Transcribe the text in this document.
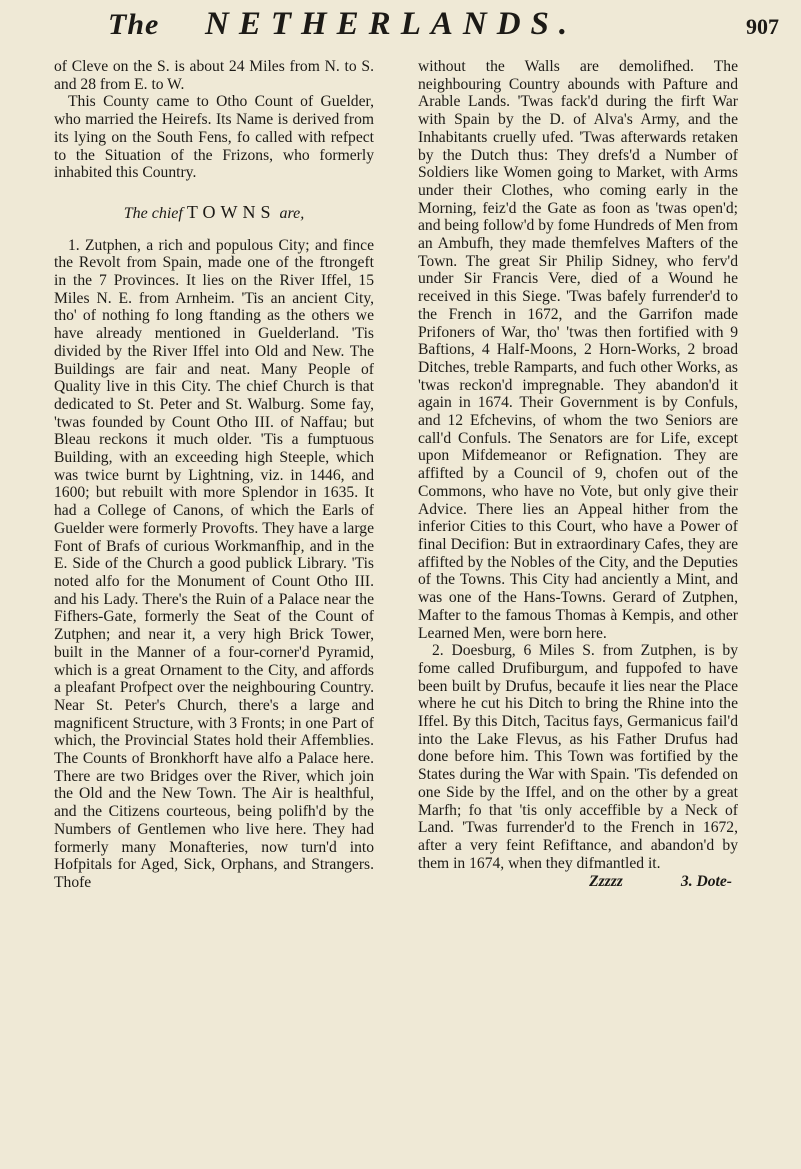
The NETHERLANDS.	907

of Cleve on the S. is about 24 Miles from N. to S. and 28 from E. to W.

This County came to Otho Count of Guelder, who married the Heirefs. Its Name is derived from its lying on the South Fens, fo called with refpect to the Situation of the Frizons, who formerly inhabited this Country.

The chief TOWNS are,

1. Zutphen, a rich and populous City; and fince the Revolt from Spain, made one of the ftrongeft in the 7 Provinces. It lies on the River Iffel, 15 Miles N. E. from Arnheim. 'Tis an ancient City, tho' of nothing fo long ftanding as the others we have already mentioned in Guelderland. 'Tis divided by the River Iffel into Old and New. The Buildings are fair and neat. Many People of Quality live in this City. The chief Church is that dedicated to St. Peter and St. Walburg. Some fay, 'twas founded by Count Otho III. of Naffau; but Bleau reckons it much older. 'Tis a fumptuous Building, with an exceeding high Steeple, which was twice burnt by Lightning, viz. in 1446, and 1600; but rebuilt with more Splendor in 1635. It had a College of Canons, of which the Earls of Guelder were formerly Provofts. They have a large Font of Brafs of curious Workmanfhip, and in the E. Side of the Church a good publick Library. 'Tis noted alfo for the Monument of Count Otho III. and his Lady. There's the Ruin of a Palace near the Fifhers-Gate, formerly the Seat of the Count of Zutphen; and near it, a very high Brick Tower, built in the Manner of a four-corner'd Pyramid, which is a great Ornament to the City, and affords a pleafant Profpect over the neighbouring Country. Near St. Peter's Church, there's a large and magnificent Structure, with 3 Fronts; in one Part of which, the Provincial States hold their Affemblies. The Counts of Bronkhorft have alfo a Palace here. There are two Bridges over the River, which join the Old and the New Town. The Air is healthful, and the Citizens courteous, being polifh'd by the Numbers of Gentlemen who live here. They had formerly many Monafteries, now turn'd into Hofpitals for Aged, Sick, Orphans, and Strangers. Thofe

without the Walls are demolifhed. The neighbouring Country abounds with Pafture and Arable Lands. 'Twas fack'd during the firft War with Spain by the D. of Alva's Army, and the Inhabitants cruelly ufed. 'Twas afterwards retaken by the Dutch thus: They drefs'd a Number of Soldiers like Women going to Market, with Arms under their Clothes, who coming early in the Morning, feiz'd the Gate as foon as 'twas open'd; and being follow'd by fome Hundreds of Men from an Ambufh, they made themfelves Mafters of the Town. The great Sir Philip Sidney, who ferv'd under Sir Francis Vere, died of a Wound he received in this Siege. 'Twas bafely furrender'd to the French in 1672, and the Garrifon made Prifoners of War, tho' 'twas then fortified with 9 Baftions, 4 Half-Moons, 2 Horn-Works, 2 broad Ditches, treble Ramparts, and fuch other Works, as 'twas reckon'd impregnable. They abandon'd it again in 1674. Their Government is by Confuls, and 12 Efchevins, of whom the two Seniors are call'd Confuls. The Senators are for Life, except upon Mifdemeanor or Refignation. They are affifted by a Council of 9, chofen out of the Commons, who have no Vote, but only give their Advice. There lies an Appeal hither from the inferior Cities to this Court, who have a Power of final Decifion: But in extraordinary Cafes, they are affifted by the Nobles of the City, and the Deputies of the Towns. This City had anciently a Mint, and was one of the Hans-Towns. Gerard of Zutphen, Mafter to the famous Thomas à Kempis, and other Learned Men, were born here.

2. Doesburg, 6 Miles S. from Zutphen, is by fome called Drufiburgum, and fuppofed to have been built by Drufus, becaufe it lies near the Place where he cut his Ditch to bring the Rhine into the Iffel. By this Ditch, Tacitus fays, Germanicus fail'd into the Lake Flevus, as his Father Drufus had done before him. This Town was fortified by the States during the War with Spain. 'Tis defended on one Side by the Iffel, and on the other by a great Marfh; fo that 'tis only acceffible by a Neck of Land. 'Twas furrender'd to the French in 1672, after a very feint Refiftance, and abandon'd by them in 1674, when they difmantled it.

Zzzzz	3. Dote-
